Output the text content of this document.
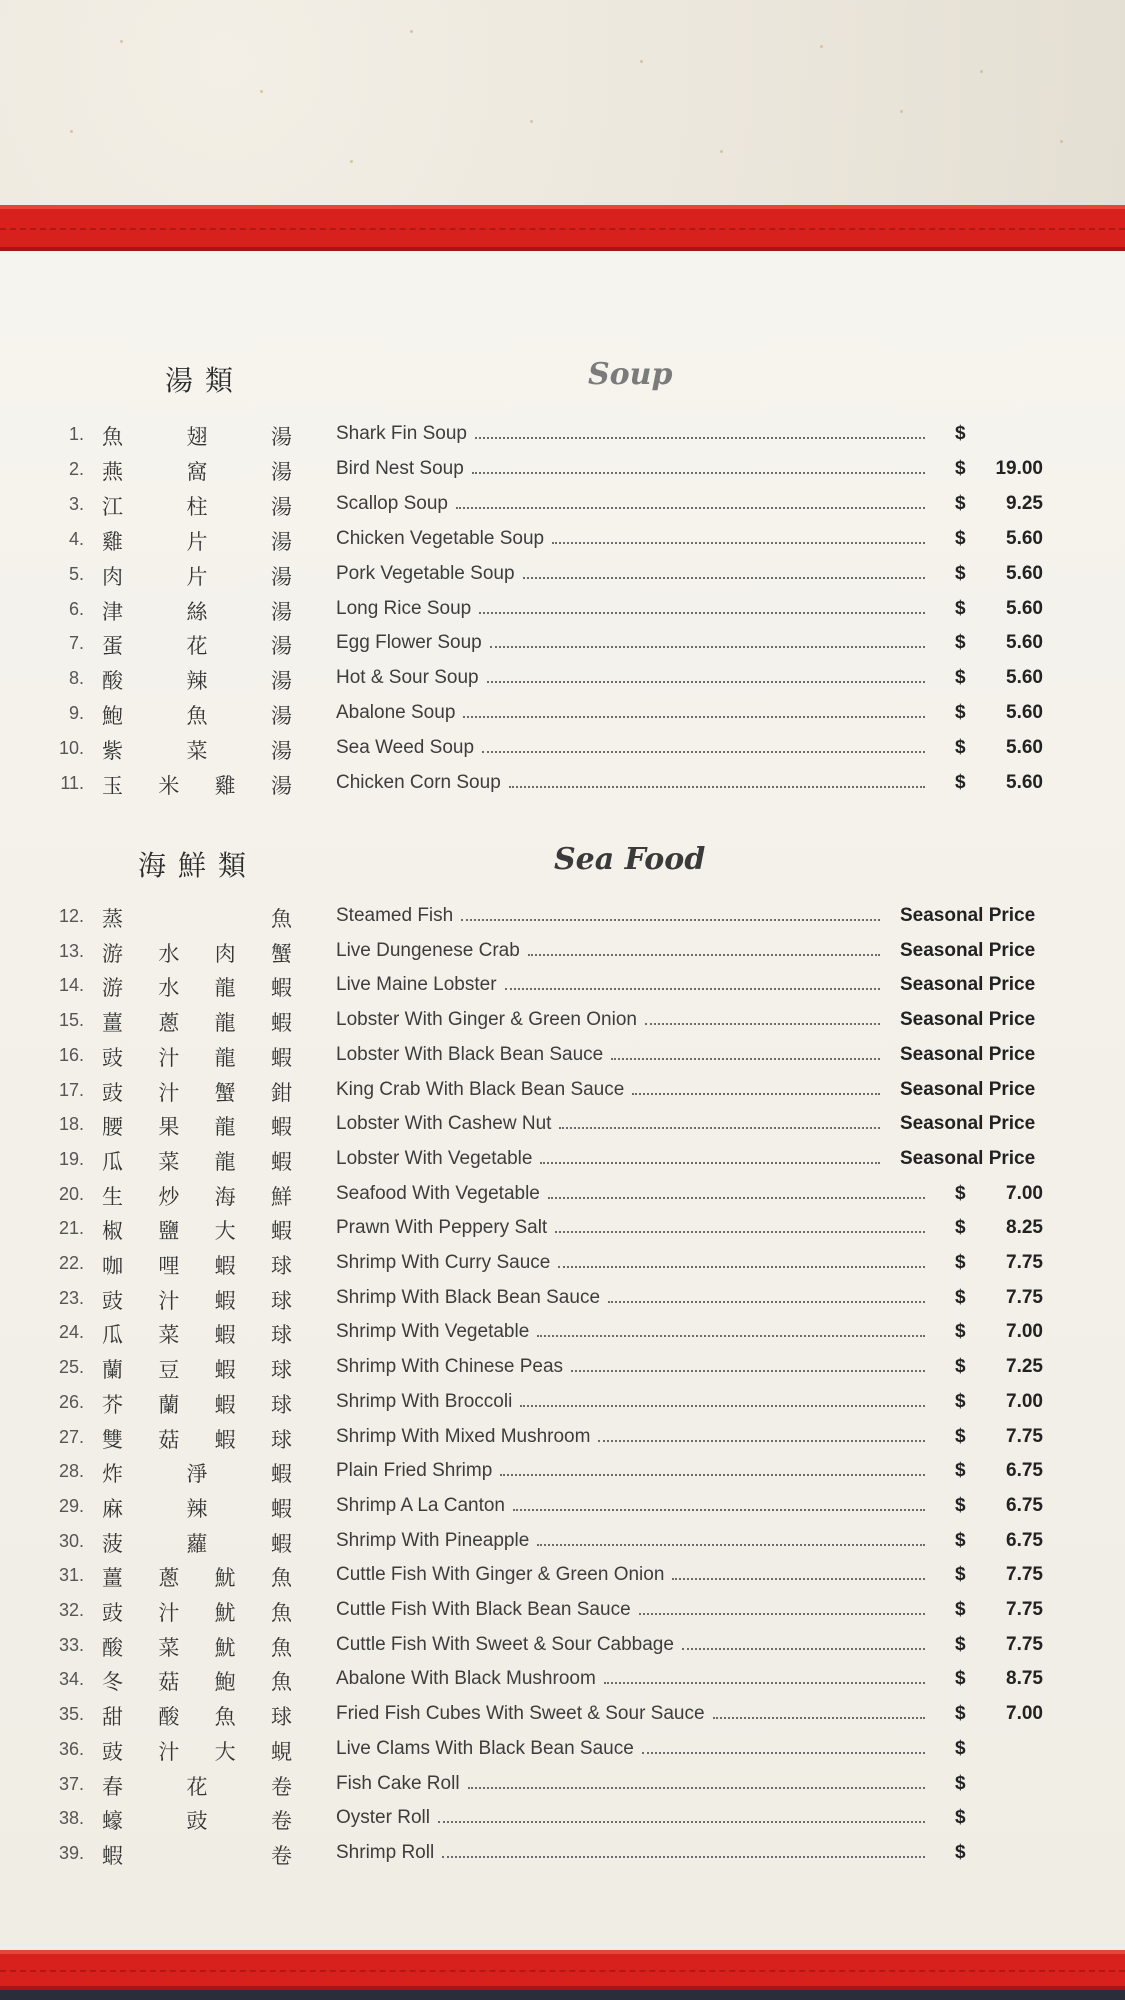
湯類	Soup
1. 魚	翅	湯 Shark Fin Soup	$
2. 燕	窩	湯 Bird Nest Soup	$ 19.00
3. 江	柱	湯 Scallop Soup	$ 9.25
4. 雞	片	湯 Chicken Vegetable Soup	$ 5.60
5. 肉	片	湯 Pork Vegetable Soup	$ 5.60
6. 津	絲	湯 Long Rice Soup	$ 5.60
7. 蛋	花	湯 Egg Flower Soup	$ 5.60
8. 酸	辣	湯 Hot & Sour Soup	$ 5.60
9. 鮑	魚	湯 Abalone Soup	$ 5.60
10. 紫	菜	湯 Sea Weed Soup	$ 5.60
11. 玉 米 雞 湯 Chicken Corn Soup	$ 5.60
海鮮類	Sea Food
12. 蒸	魚 Steamed Fish	Seasonal Price
13. 游 水 肉 蟹 Live Dungenese Crab	Seasonal Price
14. 游 水 龍 蝦 Live Maine Lobster	Seasonal Price
15. 薑 蔥 龍 蝦 Lobster With Ginger & Green Onion	Seasonal Price
16. 豉 汁 龍 蝦 Lobster With Black Bean Sauce	Seasonal Price
17. 豉 汁 蟹 鉗 King Crab With Black Bean Sauce	Seasonal Price
18. 腰 果 龍 蝦 Lobster With Cashew Nut	Seasonal Price
19. 瓜 菜 龍 蝦 Lobster With Vegetable	Seasonal Price
20. 生 炒 海 鮮 Seafood With Vegetable	$ 7.00
21. 椒 鹽 大 蝦 Prawn With Peppery Salt	$ 8.25
22. 咖 哩 蝦 球 Shrimp With Curry Sauce	$ 7.75
23. 豉 汁 蝦 球 Shrimp With Black Bean Sauce	$ 7.75
24. 瓜 菜 蝦 球 Shrimp With Vegetable	$ 7.00
25. 蘭 豆 蝦 球 Shrimp With Chinese Peas	$ 7.25
26. 芥 蘭 蝦 球 Shrimp With Broccoli	$ 7.00
27. 雙 菇 蝦 球 Shrimp With Mixed Mushroom	$ 7.75
28. 炸	淨	蝦 Plain Fried Shrimp	$ 6.75
29. 麻	辣	蝦 Shrimp A La Canton	$ 6.75
30. 菠	蘿	蝦 Shrimp With Pineapple	$ 6.75
31. 薑 蔥 魷 魚 Cuttle Fish With Ginger & Green Onion	$ 7.75
32. 豉 汁 魷 魚 Cuttle Fish With Black Bean Sauce	$ 7.75
33. 酸 菜 魷 魚 Cuttle Fish With Sweet & Sour Cabbage	$ 7.75
34. 冬 菇 鮑 魚 Abalone With Black Mushroom	$ 8.75
35. 甜 酸 魚 球 Fried Fish Cubes With Sweet & Sour Sauce	$ 7.00
36. 豉 汁 大 蜆 Live Clams With Black Bean Sauce	$
37. 春	花	卷 Fish Cake Roll	$
38. 蠔	豉	卷 Oyster Roll	$
39. 蝦	卷 Shrimp Roll	$
